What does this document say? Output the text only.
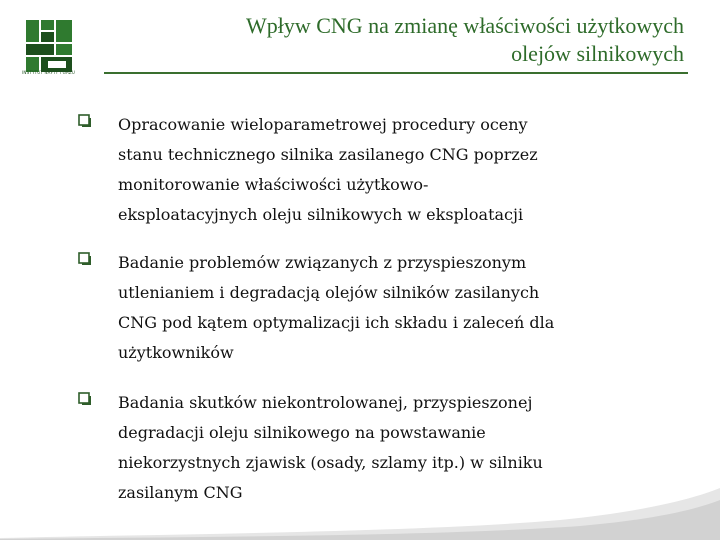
INSTYTUT NAFTY I GAZU
Wpływ CNG na zmianę właściwości użytkowych
olejów silnikowych
Opracowanie wieloparametrowej procedury oceny
stanu technicznego silnika zasilanego CNG poprzez
monitorowanie właściwości użytkowo-
eksploatacyjnych oleju silnikowych w eksploatacji
Badanie problemów związanych z przyspieszonym
utlenianiem i degradacją olejów silników zasilanych
CNG pod kątem optymalizacji ich składu i zaleceń dla
użytkowników
Badania skutków niekontrolowanej, przyspieszonej
degradacji oleju silnikowego na powstawanie
niekorzystnych zjawisk (osady, szlamy itp.) w silniku
zasilanym CNG
